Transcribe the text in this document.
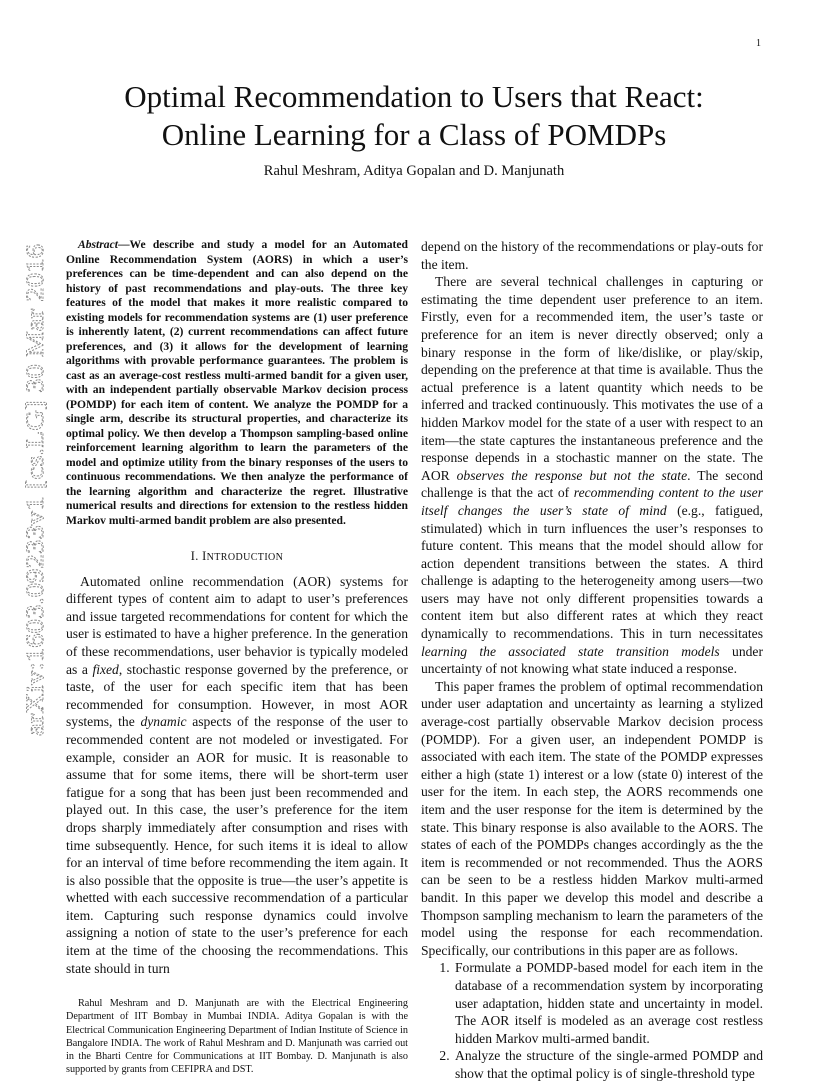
1
Optimal Recommendation to Users that React:
Online Learning for a Class of POMDPs
Rahul Meshram, Aditya Gopalan and D. Manjunath
arXiv:1603.09233v1 [cs.LG] 30 Mar 2016

Abstract—We describe and study a model for an Automated Online Recommendation System (AORS) in which a user’s preferences can be time-dependent and can also depend on the history of past recommendations and play-outs. The three key features of the model that makes it more realistic compared to existing models for recommendation systems are (1) user preference is inherently latent, (2) current recommendations can affect future preferences, and (3) it allows for the development of learning algorithms with provable performance guarantees. The problem is cast as an average-cost restless multi-armed bandit for a given user, with an independent partially observable Markov decision process (POMDP) for each item of content. We analyze the POMDP for a single arm, describe its structural properties, and characterize its optimal policy. We then develop a Thompson sampling-based online reinforcement learning algorithm to learn the parameters of the model and optimize utility from the binary responses of the users to continuous recommendations. We then analyze the performance of the learning algorithm and characterize the regret. Illustrative numerical results and directions for extension to the restless hidden Markov multi-armed bandit problem are also presented.

I. INTRODUCTION

Automated online recommendation (AOR) systems for different types of content aim to adapt to user’s preferences and issue targeted recommendations for content for which the user is estimated to have a higher preference. In the generation of these recommendations, user behavior is typically modeled as a fixed, stochastic response governed by the preference, or taste, of the user for each specific item that has been recommended for consumption. However, in most AOR systems, the dynamic aspects of the response of the user to recommended content are not modeled or investigated. For example, consider an AOR for music. It is reasonable to assume that for some items, there will be short-term user fatigue for a song that has been just been recommended and played out. In this case, the user’s preference for the item drops sharply immediately after consumption and rises with time subsequently. Hence, for such items it is ideal to allow for an interval of time before recommending the item again. It is also possible that the opposite is true—the user’s appetite is whetted with each successive recommendation of a particular item. Capturing such response dynamics could involve assigning a notion of state to the user’s preference for each item at the time of the choosing the recommendations. This state should in turn

Rahul Meshram and D. Manjunath are with the Electrical Engineering Department of IIT Bombay in Mumbai INDIA. Aditya Gopalan is with the Electrical Communication Engineering Department of Indian Institute of Science in Bangalore INDIA. The work of Rahul Meshram and D. Manjunath was carried out in the Bharti Centre for Communications at IIT Bombay. D. Manjunath is also supported by grants from CEFIPRA and DST.

depend on the history of the recommendations or play-outs for the item.

There are several technical challenges in capturing or estimating the time dependent user preference to an item. Firstly, even for a recommended item, the user’s taste or preference for an item is never directly observed; only a binary response in the form of like/dislike, or play/skip, depending on the preference at that time is available. Thus the actual preference is a latent quantity which needs to be inferred and tracked continuously. This motivates the use of a hidden Markov model for the state of a user with respect to an item—the state captures the instantaneous preference and the response depends in a stochastic manner on the state. The AOR observes the response but not the state. The second challenge is that the act of recommending content to the user itself changes the user’s state of mind (e.g., fatigued, stimulated) which in turn influences the user’s responses to future content. This means that the model should allow for action dependent transitions between the states. A third challenge is adapting to the heterogeneity among users—two users may have not only different propensities towards a content item but also different rates at which they react dynamically to recommendations. This in turn necessitates learning the associated state transition models under uncertainty of not knowing what state induced a response.

This paper frames the problem of optimal recommendation under user adaptation and uncertainty as learning a stylized average-cost partially observable Markov decision process (POMDP). For a given user, an independent POMDP is associated with each item. The state of the POMDP expresses either a high (state 1) interest or a low (state 0) interest of the user for the item. In each step, the AORS recommends one item and the user response for the item is determined by the state. This binary response is also available to the AORS. The states of each of the POMDPs changes accordingly as the the item is recommended or not recommended. Thus the AORS can be seen to be a restless hidden Markov multi-armed bandit. In this paper we develop this model and describe a Thompson sampling mechanism to learn the parameters of the model using the response for each recommendation. Specifically, our contributions in this paper are as follows.

1. Formulate a POMDP-based model for each item in the database of a recommendation system by incorporating user adaptation, hidden state and uncertainty in model. The AOR itself is modeled as an average cost restless hidden Markov multi-armed bandit.
2. Analyze the structure of the single-armed POMDP and show that the optimal policy is of single-threshold type
